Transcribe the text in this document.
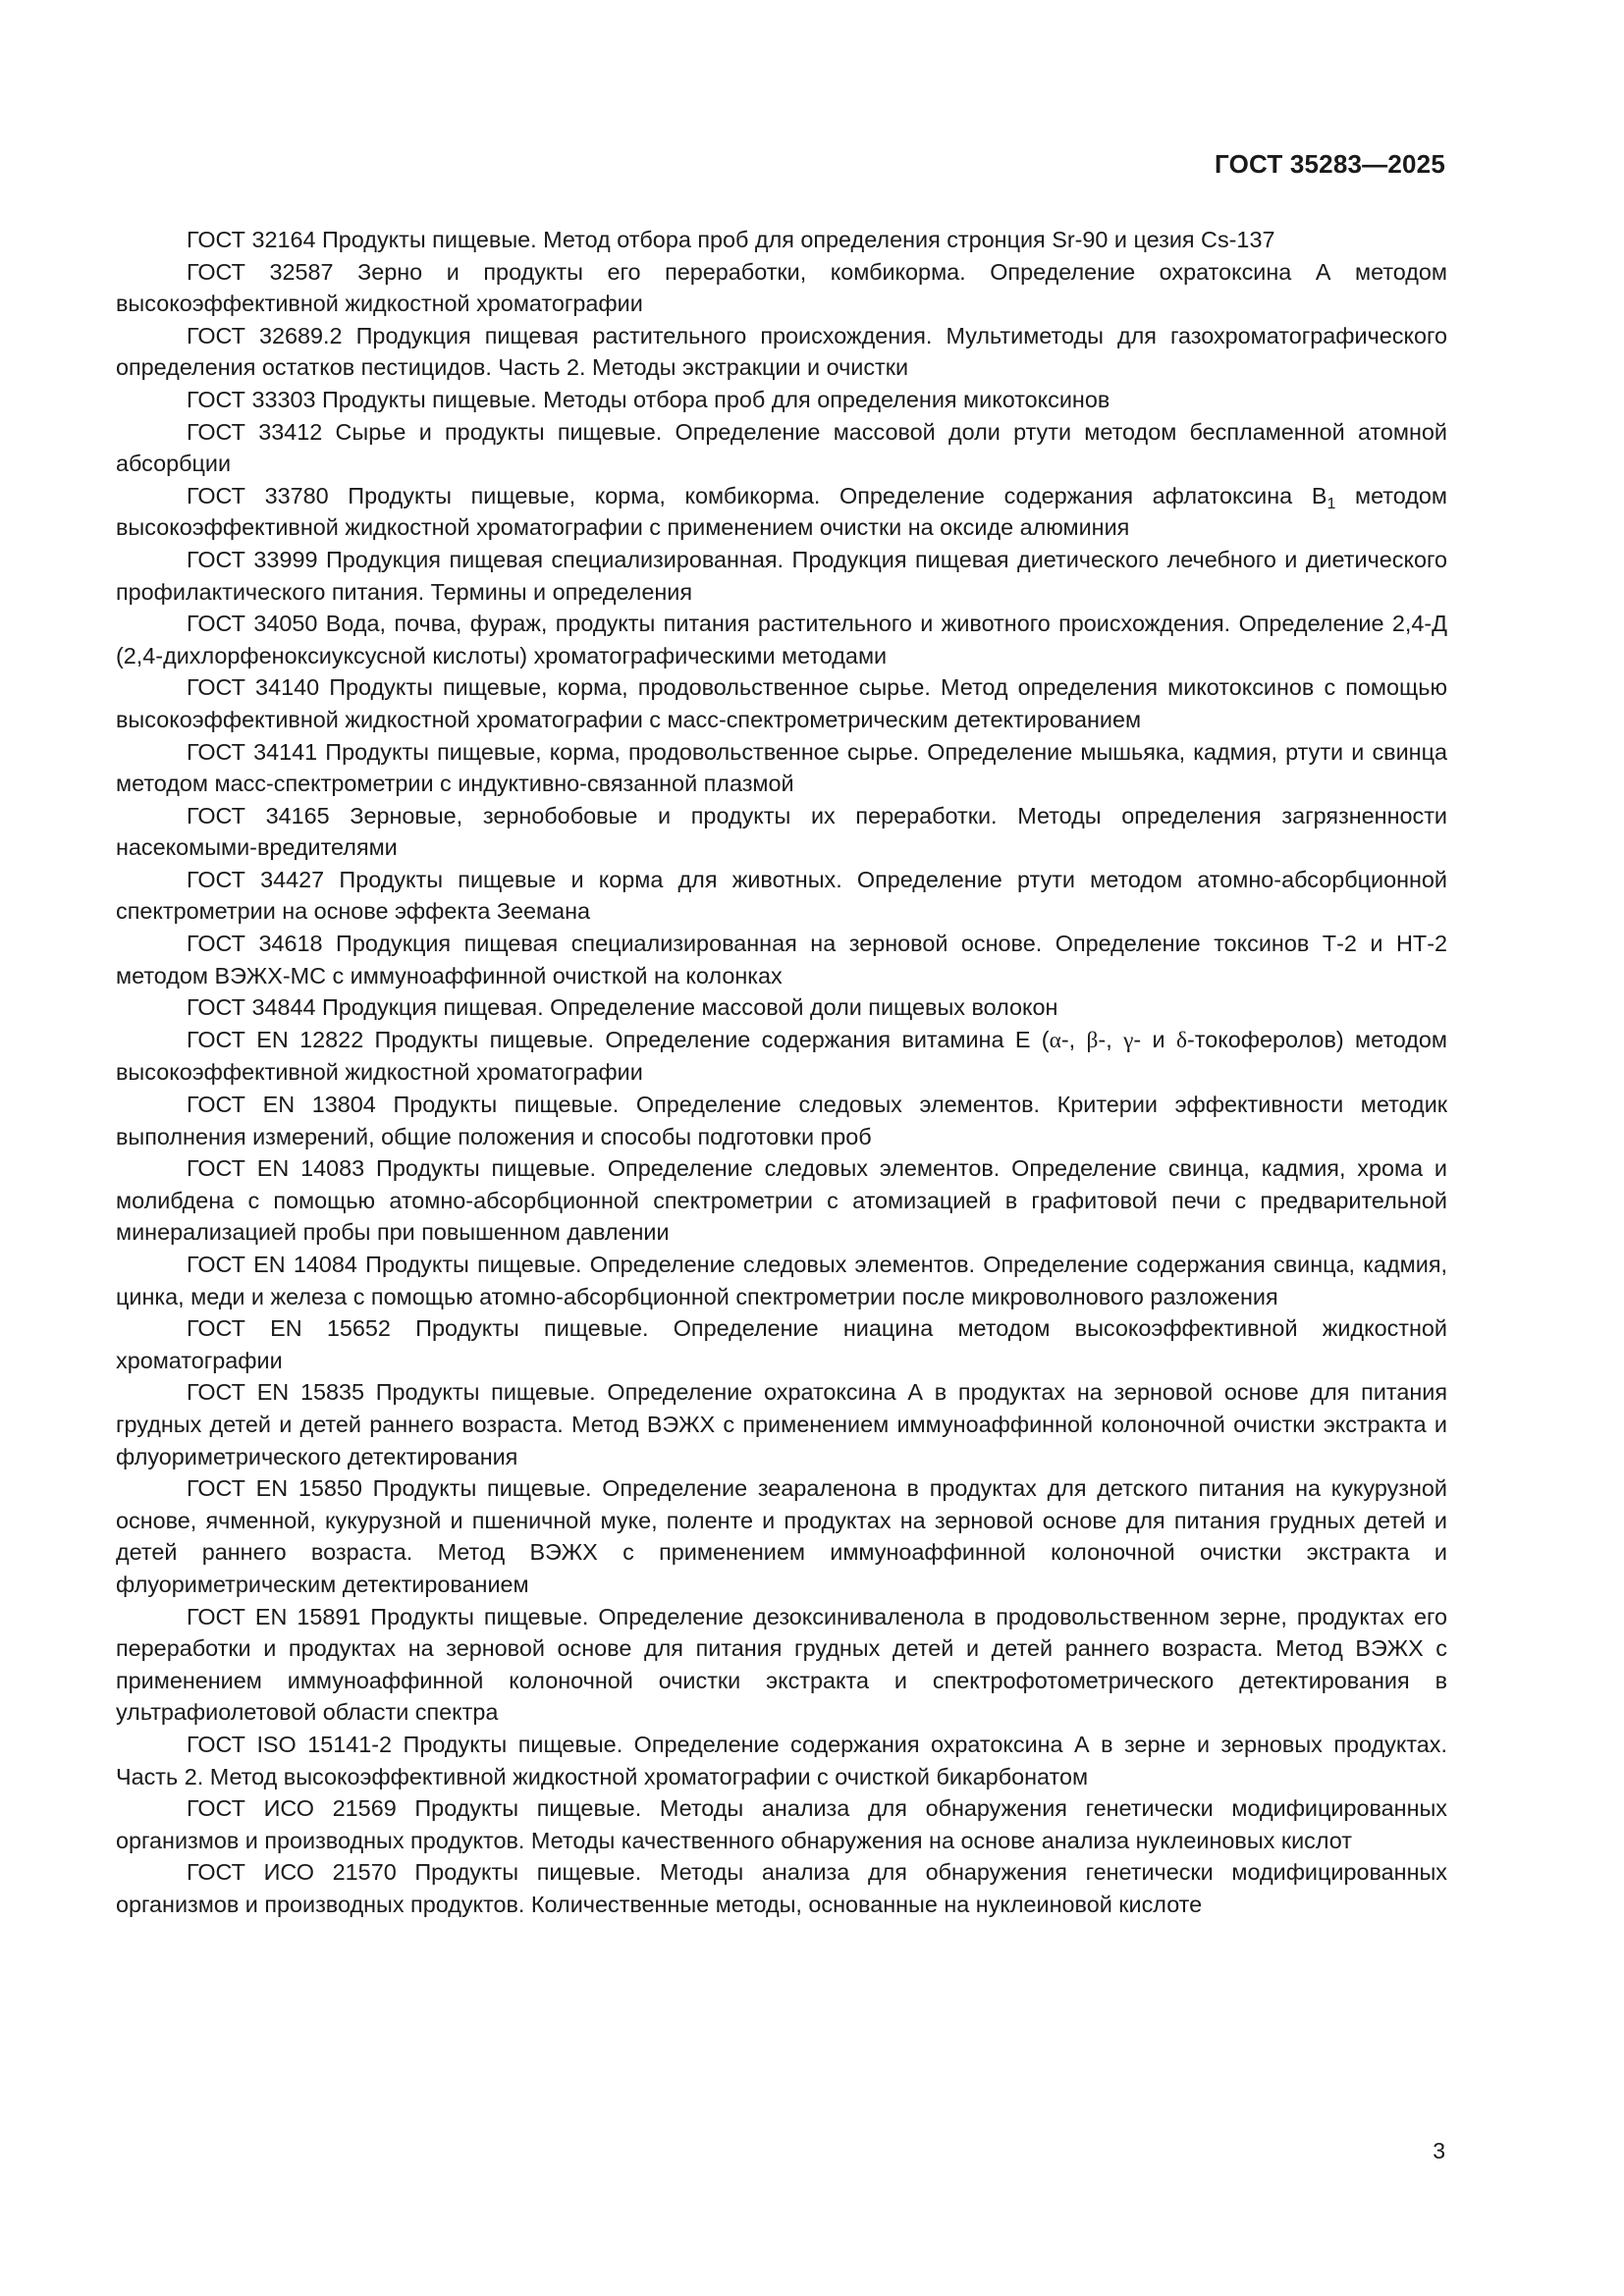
ГОСТ 35283—2025

ГОСТ 32164 Продукты пищевые. Метод отбора проб для определения стронция Sr-90 и цезия Cs-137
ГОСТ 32587 Зерно и продукты его переработки, комбикорма. Определение охратоксина А методом высокоэффективной жидкостной хроматографии
ГОСТ 32689.2 Продукция пищевая растительного происхождения. Мультиметоды для газохроматографического определения остатков пестицидов. Часть 2. Методы экстракции и очистки
ГОСТ 33303 Продукты пищевые. Методы отбора проб для определения микотоксинов
ГОСТ 33412 Сырье и продукты пищевые. Определение массовой доли ртути методом беспламенной атомной абсорбции
ГОСТ 33780 Продукты пищевые, корма, комбикорма. Определение содержания афлатоксина $В_1$ методом высокоэффективной жидкостной хроматографии с применением очистки на оксиде алюминия
ГОСТ 33999 Продукция пищевая специализированная. Продукция пищевая диетического лечебного и диетического профилактического питания. Термины и определения
ГОСТ 34050 Вода, почва, фураж, продукты питания растительного и животного происхождения. Определение 2,4-Д (2,4-дихлорфеноксиуксусной кислоты) хроматографическими методами
ГОСТ 34140 Продукты пищевые, корма, продовольственное сырье. Метод определения микотоксинов с помощью высокоэффективной жидкостной хроматографии с масс-спектрометрическим детектированием
ГОСТ 34141 Продукты пищевые, корма, продовольственное сырье. Определение мышьяка, кадмия, ртути и свинца методом масс-спектрометрии с индуктивно-связанной плазмой
ГОСТ 34165 Зерновые, зернобобовые и продукты их переработки. Методы определения загрязненности насекомыми-вредителями
ГОСТ 34427 Продукты пищевые и корма для животных. Определение ртути методом атомно-абсорбционной спектрометрии на основе эффекта Зеемана
ГОСТ 34618 Продукция пищевая специализированная на зерновой основе. Определение токсинов Т-2 и НТ-2 методом ВЭЖХ-МС с иммуноаффинной очисткой на колонках
ГОСТ 34844 Продукция пищевая. Определение массовой доли пищевых волокон
ГОСТ EN 12822 Продукты пищевые. Определение содержания витамина Е (α-, β-, γ- и δ-токоферолов) методом высокоэффективной жидкостной хроматографии
ГОСТ EN 13804 Продукты пищевые. Определение следовых элементов. Критерии эффективности методик выполнения измерений, общие положения и способы подготовки проб
ГОСТ EN 14083 Продукты пищевые. Определение следовых элементов. Определение свинца, кадмия, хрома и молибдена с помощью атомно-абсорбционной спектрометрии с атомизацией в графитовой печи с предварительной минерализацией пробы при повышенном давлении
ГОСТ EN 14084 Продукты пищевые. Определение следовых элементов. Определение содержания свинца, кадмия, цинка, меди и железа с помощью атомно-абсорбционной спектрометрии после микроволнового разложения
ГОСТ EN 15652 Продукты пищевые. Определение ниацина методом высокоэффективной жидкостной хроматографии
ГОСТ EN 15835 Продукты пищевые. Определение охратоксина А в продуктах на зерновой основе для питания грудных детей и детей раннего возраста. Метод ВЭЖХ с применением иммуноаффинной колоночной очистки экстракта и флуориметрического детектирования
ГОСТ EN 15850 Продукты пищевые. Определение зеараленона в продуктах для детского питания на кукурузной основе, ячменной, кукурузной и пшеничной муке, поленте и продуктах на зерновой основе для питания грудных детей и детей раннего возраста. Метод ВЭЖХ с применением иммуноаффинной колоночной очистки экстракта и флуориметрическим детектированием
ГОСТ EN 15891 Продукты пищевые. Определение дезоксиниваленола в продовольственном зерне, продуктах его переработки и продуктах на зерновой основе для питания грудных детей и детей раннего возраста. Метод ВЭЖХ с применением иммуноаффинной колоночной очистки экстракта и спектрофотометрического детектирования в ультрафиолетовой области спектра
ГОСТ ISO 15141-2 Продукты пищевые. Определение содержания охратоксина А в зерне и зерновых продуктах. Часть 2. Метод высокоэффективной жидкостной хроматографии с очисткой бикарбонатом
ГОСТ ИСО 21569 Продукты пищевые. Методы анализа для обнаружения генетически модифицированных организмов и производных продуктов. Методы качественного обнаружения на основе анализа нуклеиновых кислот
ГОСТ ИСО 21570 Продукты пищевые. Методы анализа для обнаружения генетически модифицированных организмов и производных продуктов. Количественные методы, основанные на нуклеиновой кислоте

3
